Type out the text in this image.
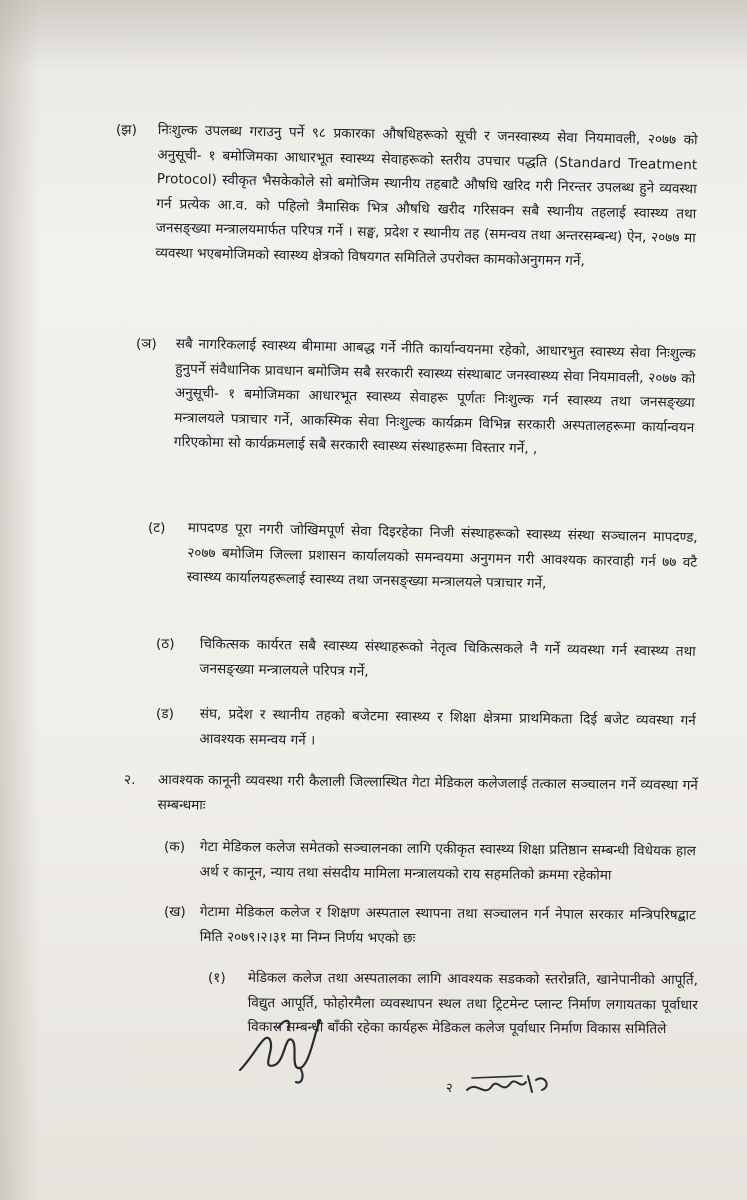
(झ) निःशुल्क उपलब्ध गराउनु पर्ने ९८ प्रकारका औषधिहरूको सूची र जनस्वास्थ्य सेवा नियमावली, २०७७ को अनुसूची- १ बमोजिमका आधारभूत स्वास्थ्य सेवाहरूको स्तरीय उपचार पद्धति (Standard Treatment Protocol) स्वीकृत भैसकेकोले सो बमोजिम स्थानीय तहबाटै औषधि खरिद गरी निरन्तर उपलब्ध हुने व्यवस्था गर्न प्रत्येक आ.व. को पहिलो त्रैमासिक भित्र औषधि खरीद गरिसक्न सबै स्थानीय तहलाई स्वास्थ्य तथा जनसङ्ख्या मन्त्रालयमार्फत परिपत्र गर्ने । सङ्घ, प्रदेश र स्थानीय तह (समन्वय तथा अन्तरसम्बन्ध) ऐन, २०७७ मा व्यवस्था भएबमोजिमको स्वास्थ्य क्षेत्रको विषयगत समितिले उपरोक्त कामकोअनुगमन गर्ने,
(ञ) सबै नागरिकलाई स्वास्थ्य बीमामा आबद्ध गर्ने नीति कार्यान्वयनमा रहेको, आधारभुत स्वास्थ्य सेवा निःशुल्क हुनुपर्ने संवैधानिक प्रावधान बमोजिम सबै सरकारी स्वास्थ्य संस्थाबाट जनस्वास्थ्य सेवा नियमावली, २०७७ को अनुसूची- १ बमोजिमका आधारभूत स्वास्थ्य सेवाहरू पूर्णतः निःशुल्क गर्न स्वास्थ्य तथा जनसङ्ख्या मन्त्रालयले पत्राचार गर्ने, आकस्मिक सेवा निःशुल्क कार्यक्रम विभिन्न सरकारी अस्पतालहरूमा कार्यान्वयन गरिएकोमा सो कार्यक्रमलाई सबै सरकारी स्वास्थ्य संस्थाहरूमा विस्तार गर्ने, ,
(ट) मापदण्ड पूरा नगरी जोखिमपूर्ण सेवा दिइरहेका निजी संस्थाहरूको स्वास्थ्य संस्था सञ्चालन मापदण्ड, २०७७ बमोजिम जिल्ला प्रशासन कार्यालयको समन्वयमा अनुगमन गरी आवश्यक कारवाही गर्न ७७ वटै स्वास्थ्य कार्यालयहरूलाई स्वास्थ्य तथा जनसङ्ख्या मन्त्रालयले पत्राचार गर्ने,
(ठ) चिकित्सक कार्यरत सबै स्वास्थ्य संस्थाहरूको नेतृत्व चिकित्सकले नै गर्ने व्यवस्था गर्न स्वास्थ्य तथा जनसङ्ख्या मन्त्रालयले परिपत्र गर्ने,
(ड) संघ, प्रदेश र स्थानीय तहको बजेटमा स्वास्थ्य र शिक्षा क्षेत्रमा प्राथमिकता दिई बजेट व्यवस्था गर्न आवश्यक समन्वय गर्ने ।
२. आवश्यक कानूनी व्यवस्था गरी कैलाली जिल्लास्थित गेटा मेडिकल कलेजलाई तत्काल सञ्चालन गर्ने व्यवस्था गर्ने सम्बन्धमाः
(क) गेटा मेडिकल कलेज समेतको सञ्चालनका लागि एकीकृत स्वास्थ्य शिक्षा प्रतिष्ठान सम्बन्धी विधेयक हाल अर्थ र कानून, न्याय तथा संसदीय मामिला मन्त्रालयको राय सहमतिको क्रममा रहेकोमा
(ख) गेटामा मेडिकल कलेज र शिक्षण अस्पताल स्थापना तथा सञ्चालन गर्न नेपाल सरकार मन्त्रिपरिषद्बाट मिति २०७९।२।३१ मा निम्न निर्णय भएको छः
(१) मेडिकल कलेज तथा अस्पतालका लागि आवश्यक सडकको स्तरोन्नति, खानेपानीको आपूर्ति, विद्युत आपूर्ति, फोहोरमैला व्यवस्थापन स्थल तथा ट्रिटमेन्ट प्लान्ट निर्माण लगायतका पूर्वाधार विकास सम्बन्धी बाँकी रहेका कार्यहरू मेडिकल कलेज पूर्वाधार निर्माण विकास समितिले
२
